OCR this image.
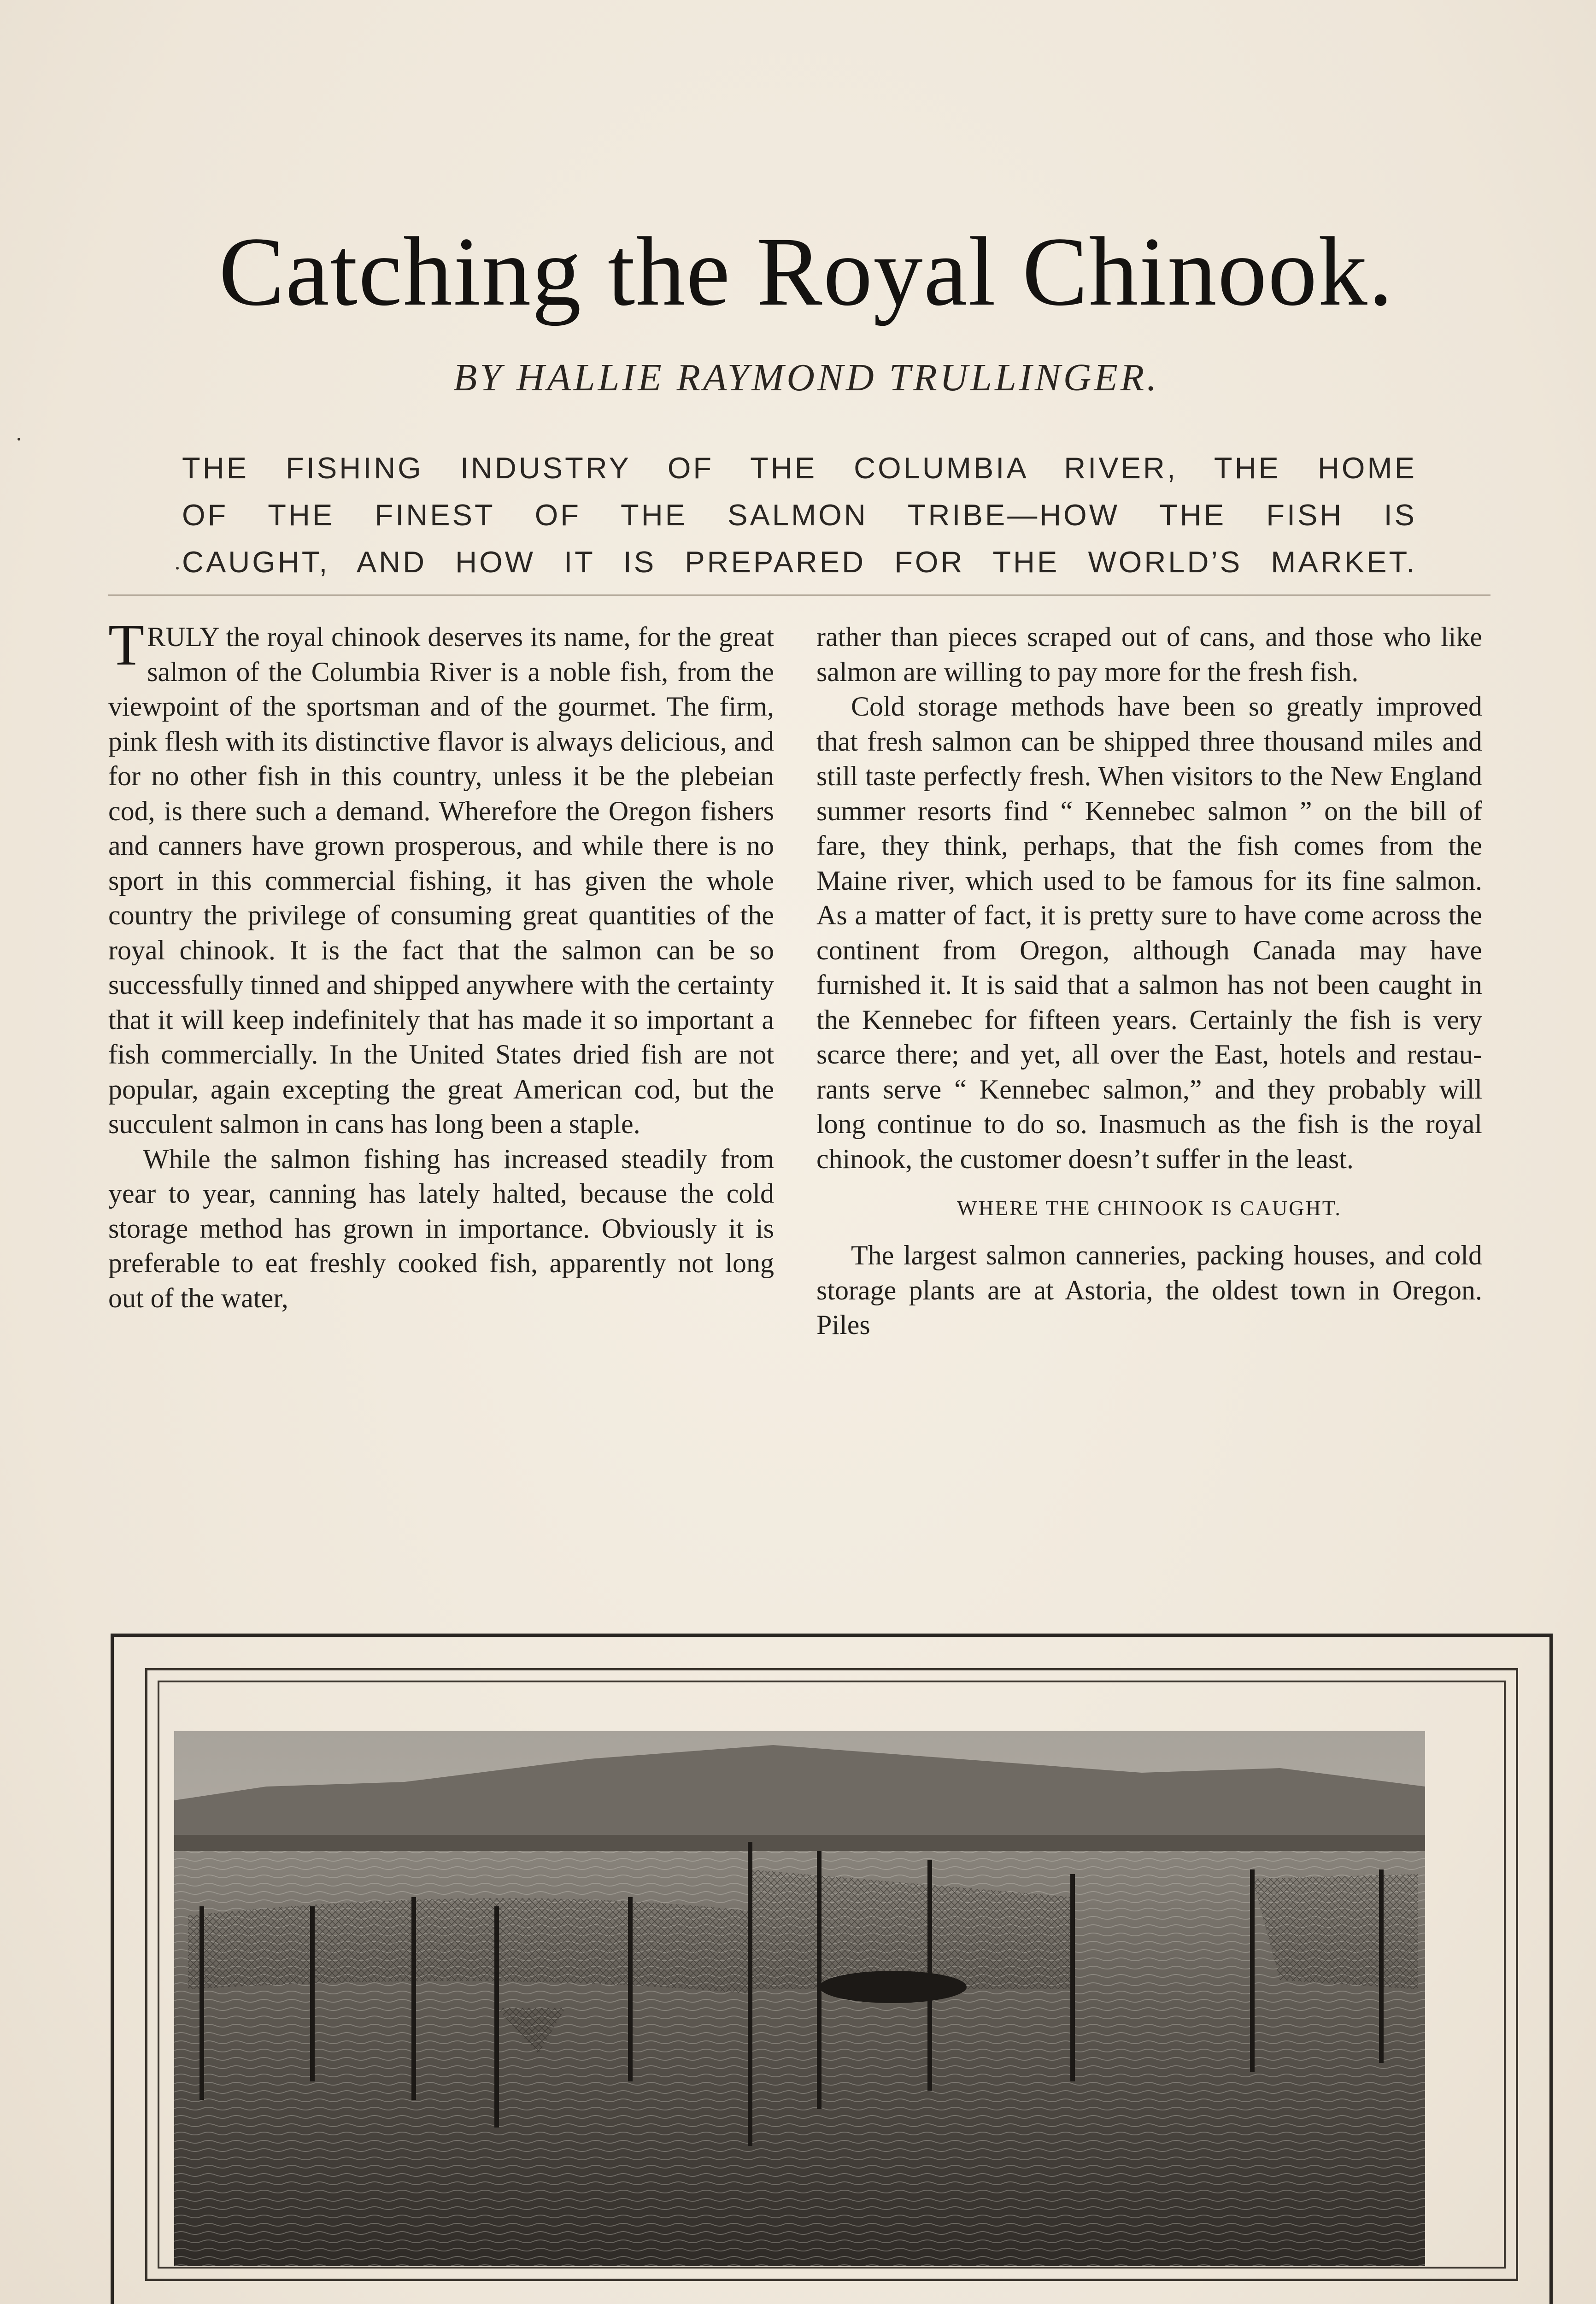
Catching the Royal Chinook.
BY HALLIE RAYMOND TRULLINGER.
THE FISHING INDUSTRY OF THE COLUMBIA RIVER, THE HOME
OF THE FINEST OF THE SALMON TRIBE—HOW THE FISH IS
CAUGHT, AND HOW IT IS PREPARED FOR THE WORLD’S MARKET.

TRULY the royal chinook deserves its name, for the great salmon of the Columbia River is a noble fish, from the viewpoint of the sportsman and of the gourmet. The firm, pink flesh with its distinctive flavor is always delicious, and for no other fish in this country, unless it be the plebeian cod, is there such a demand. Wherefore the Oregon fishers and canners have grown prosperous, and while there is no sport in this commercial fishing, it has given the whole country the privilege of consuming great quantities of the royal chinook. It is the fact that the salmon can be so successfully tinned and shipped anywhere with the certainty that it will keep indefinitely that has made it so important a fish commercially. In the United States dried fish are not popular, again excepting the great American cod, but the succulent salmon in cans has long been a staple.

While the salmon fishing has increased steadily from year to year, canning has lately halted, because the cold storage method has grown in importance. Obviously it is preferable to eat freshly cooked fish, apparently not long out of the water,

rather than pieces scraped out of cans, and those who like salmon are willing to pay more for the fresh fish.

Cold storage methods have been so greatly improved that fresh salmon can be shipped three thousand miles and still taste perfectly fresh. When visitors to the New England summer resorts find “ Kennebec salmon ” on the bill of fare, they think, perhaps, that the fish comes from the Maine river, which used to be famous for its fine salmon. As a matter of fact, it is pretty sure to have come across the continent from Oregon, although Canada may have furnished it. It is said that a salmon has not been caught in the Kennebec for fifteen years. Certainly the fish is very scarce there; and yet, all over the East, hotels and restaurants serve “ Kennebec salmon,” and they probably will long continue to do so. Inasmuch as the fish is the royal chinook, the customer doesn’t suffer in the least.

WHERE THE CHINOOK IS CAUGHT.

The largest salmon canneries, packing houses, and cold storage plants are at Astoria, the oldest town in Oregon. Piles
